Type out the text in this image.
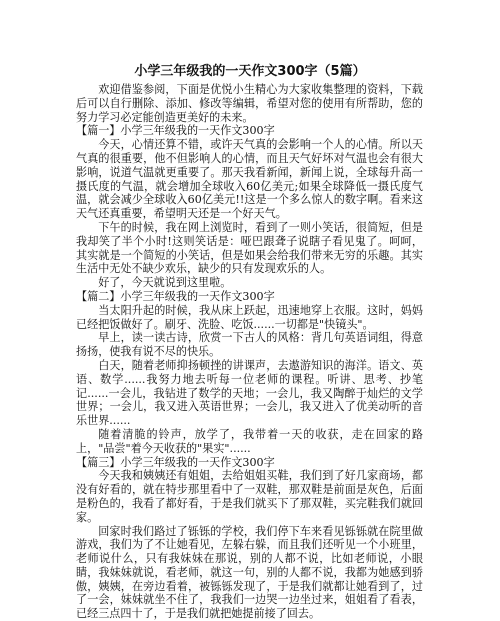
小学三年级我的一天作文300字（5篇）

欢迎借鉴参阅，下面是优悦小生精心为大家收集整理的资料，下载后可以自行删除、添加、修改等编辑，希望对您的使用有所帮助，您的努力学习必定能创造更美好的未来。

【篇一】小学三年级我的一天作文300字

今天，心情还算不错，或许天气真的会影响一个人的心情。所以天气真的很重要，他不但影响人的心情，而且天气好坏对气温也会有很大影响，说道气温就更重要了。那天我看新闻，新闻上说，全球每升高一摄氏度的气温，就会增加全球收入60亿美元;如果全球降低一摄氏度气温，就会减少全球收入60亿美元!!这是一个多么惊人的数字啊。看来这天气还真重要，希望明天还是一个好天气。

下午的时候，我在网上浏览时，看到了一则小笑话，很简短，但是我却笑了半个小时!这则笑话是：哑巴跟聋子说瞎子看见鬼了。呵呵，其实就是一个简短的小笑话，但是如果会给我们带来无穷的乐趣。其实生活中无处不缺少欢乐，缺少的只有发现欢乐的人。

好了，今天就说到这里啦。

【篇二】小学三年级我的一天作文300字

当太阳升起的时候，我从床上跃起，迅速地穿上衣服。这时，妈妈已经把饭做好了。刷牙、洗脸、吃饭......一切都是"快镜头"。

早上，读一读古诗，欣赏一下古人的风格：背几句英语词组，得意扬扬，使我有说不尽的快乐。

白天，随着老师抑扬顿挫的讲课声，去遨游知识的海洋。语文、英语、数学......我努力地去听每一位老师的课程。听讲、思考、抄笔记......一会儿，我钻进了数学的天地；一会儿，我又陶醉于灿烂的文学世界；一会儿，我又进入英语世界；一会儿，我又进入了优美动听的音乐世界......

随着清脆的铃声，放学了，我带着一天的收获，走在回家的路上，"品尝"着今天收获的"果实"......

【篇三】小学三年级我的一天作文300字

今天我和姨姨还有姐姐，去给姐姐买鞋，我们到了好几家商场，都没有好看的，就在特步那里看中了一双鞋，那双鞋是前面是灰色，后面是粉色的，我看了都好看，于是我们就买下了那双鞋，买完鞋我们就回家。

回家时我们路过了铄铄的学校，我们停下车来看见铄铄就在院里做游戏，我们为了不让她看见，左躲右躲，而且我们还听见一个小班里，老师说什么，只有我妹妹在那说，别的人都不说，比如老师说，小眼睛，我妹妹就说，看老师，就这一句，别的人都不说，我都为她感到骄傲，姨姨，在旁边看着，被铄铄发现了，于是我们就都让她看到了，过了一会，妹妹就坐不住了，我我们一边哭一边坐过来，姐姐看了看表，已经三点四十了，于是我们就把她提前接了回去。
